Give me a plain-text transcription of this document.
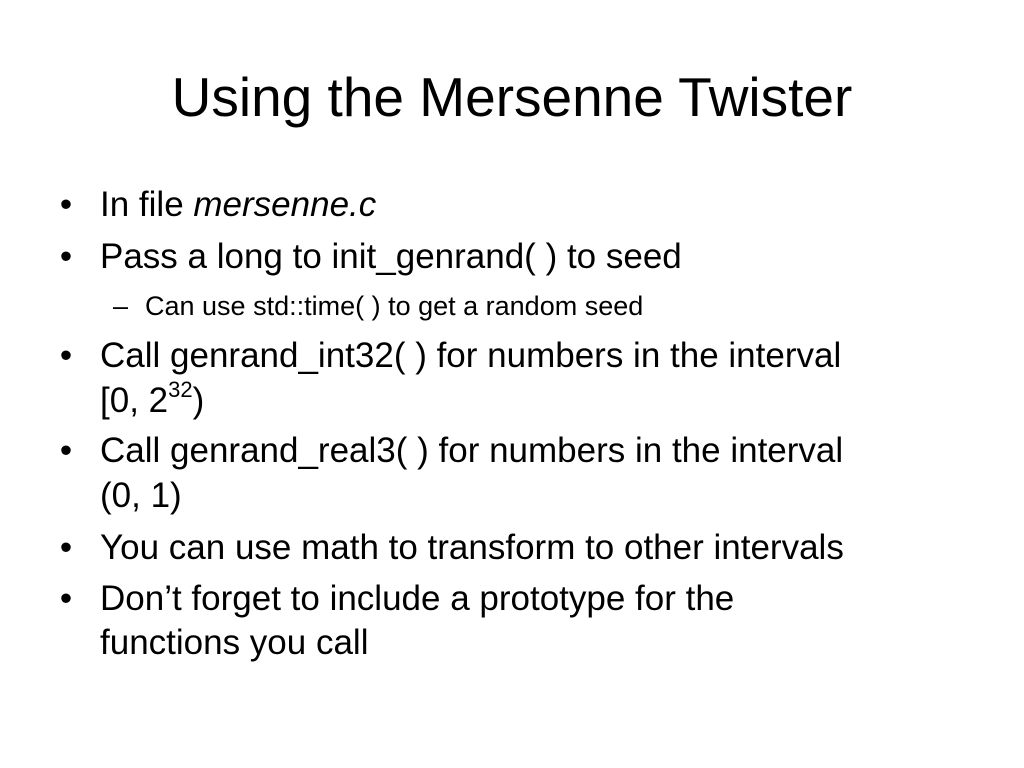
Using the Mersenne Twister
• In file mersenne.c
• Pass a long to init_genrand( ) to seed
– Can use std::time( ) to get a random seed
• Call genrand_int32( ) for numbers in the interval
[0, $2^{32}$)
• Call genrand_real3( ) for numbers in the interval
(0, 1)
• You can use math to transform to other intervals
• Don’t forget to include a prototype for the
functions you call
